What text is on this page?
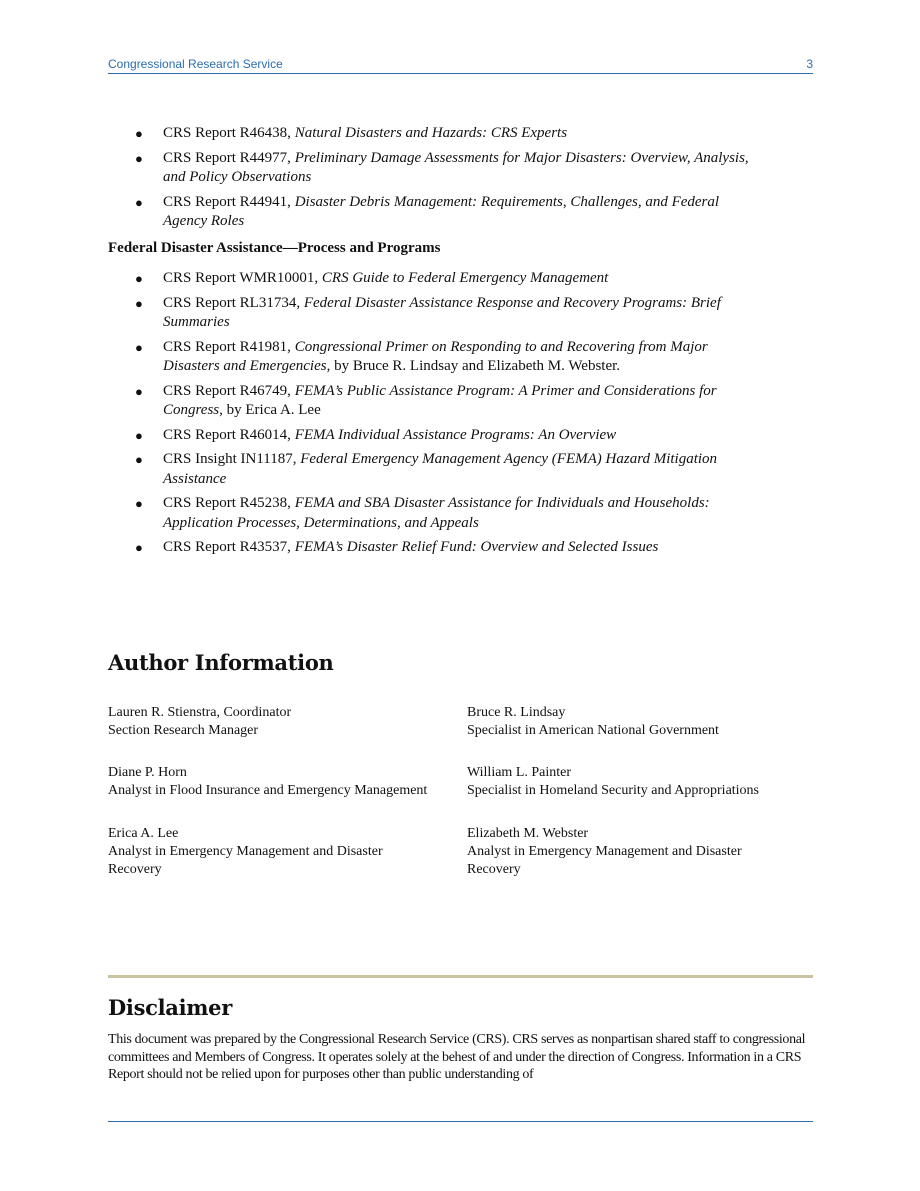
Congressional Research Service	3
● CRS Report R46438, Natural Disasters and Hazards: CRS Experts
● CRS Report R44977, Preliminary Damage Assessments for Major Disasters: Overview, Analysis, and Policy Observations
● CRS Report R44941, Disaster Debris Management: Requirements, Challenges, and Federal Agency Roles
Federal Disaster Assistance—Process and Programs
● CRS Report WMR10001, CRS Guide to Federal Emergency Management
● CRS Report RL31734, Federal Disaster Assistance Response and Recovery Programs: Brief Summaries
● CRS Report R41981, Congressional Primer on Responding to and Recovering from Major Disasters and Emergencies, by Bruce R. Lindsay and Elizabeth M. Webster.
● CRS Report R46749, FEMA’s Public Assistance Program: A Primer and Considerations for Congress, by Erica A. Lee
● CRS Report R46014, FEMA Individual Assistance Programs: An Overview
● CRS Insight IN11187, Federal Emergency Management Agency (FEMA) Hazard Mitigation Assistance
● CRS Report R45238, FEMA and SBA Disaster Assistance for Individuals and Households: Application Processes, Determinations, and Appeals
● CRS Report R43537, FEMA’s Disaster Relief Fund: Overview and Selected Issues
Author Information
Lauren R. Stienstra, Coordinator
Section Research Manager
Bruce R. Lindsay
Specialist in American National Government
Diane P. Horn
Analyst in Flood Insurance and Emergency Management
William L. Painter
Specialist in Homeland Security and Appropriations
Erica A. Lee
Analyst in Emergency Management and Disaster Recovery
Elizabeth M. Webster
Analyst in Emergency Management and Disaster Recovery
Disclaimer
This document was prepared by the Congressional Research Service (CRS). CRS serves as nonpartisan shared staff to congressional committees and Members of Congress. It operates solely at the behest of and under the direction of Congress. Information in a CRS Report should not be relied upon for purposes other than public understanding of
